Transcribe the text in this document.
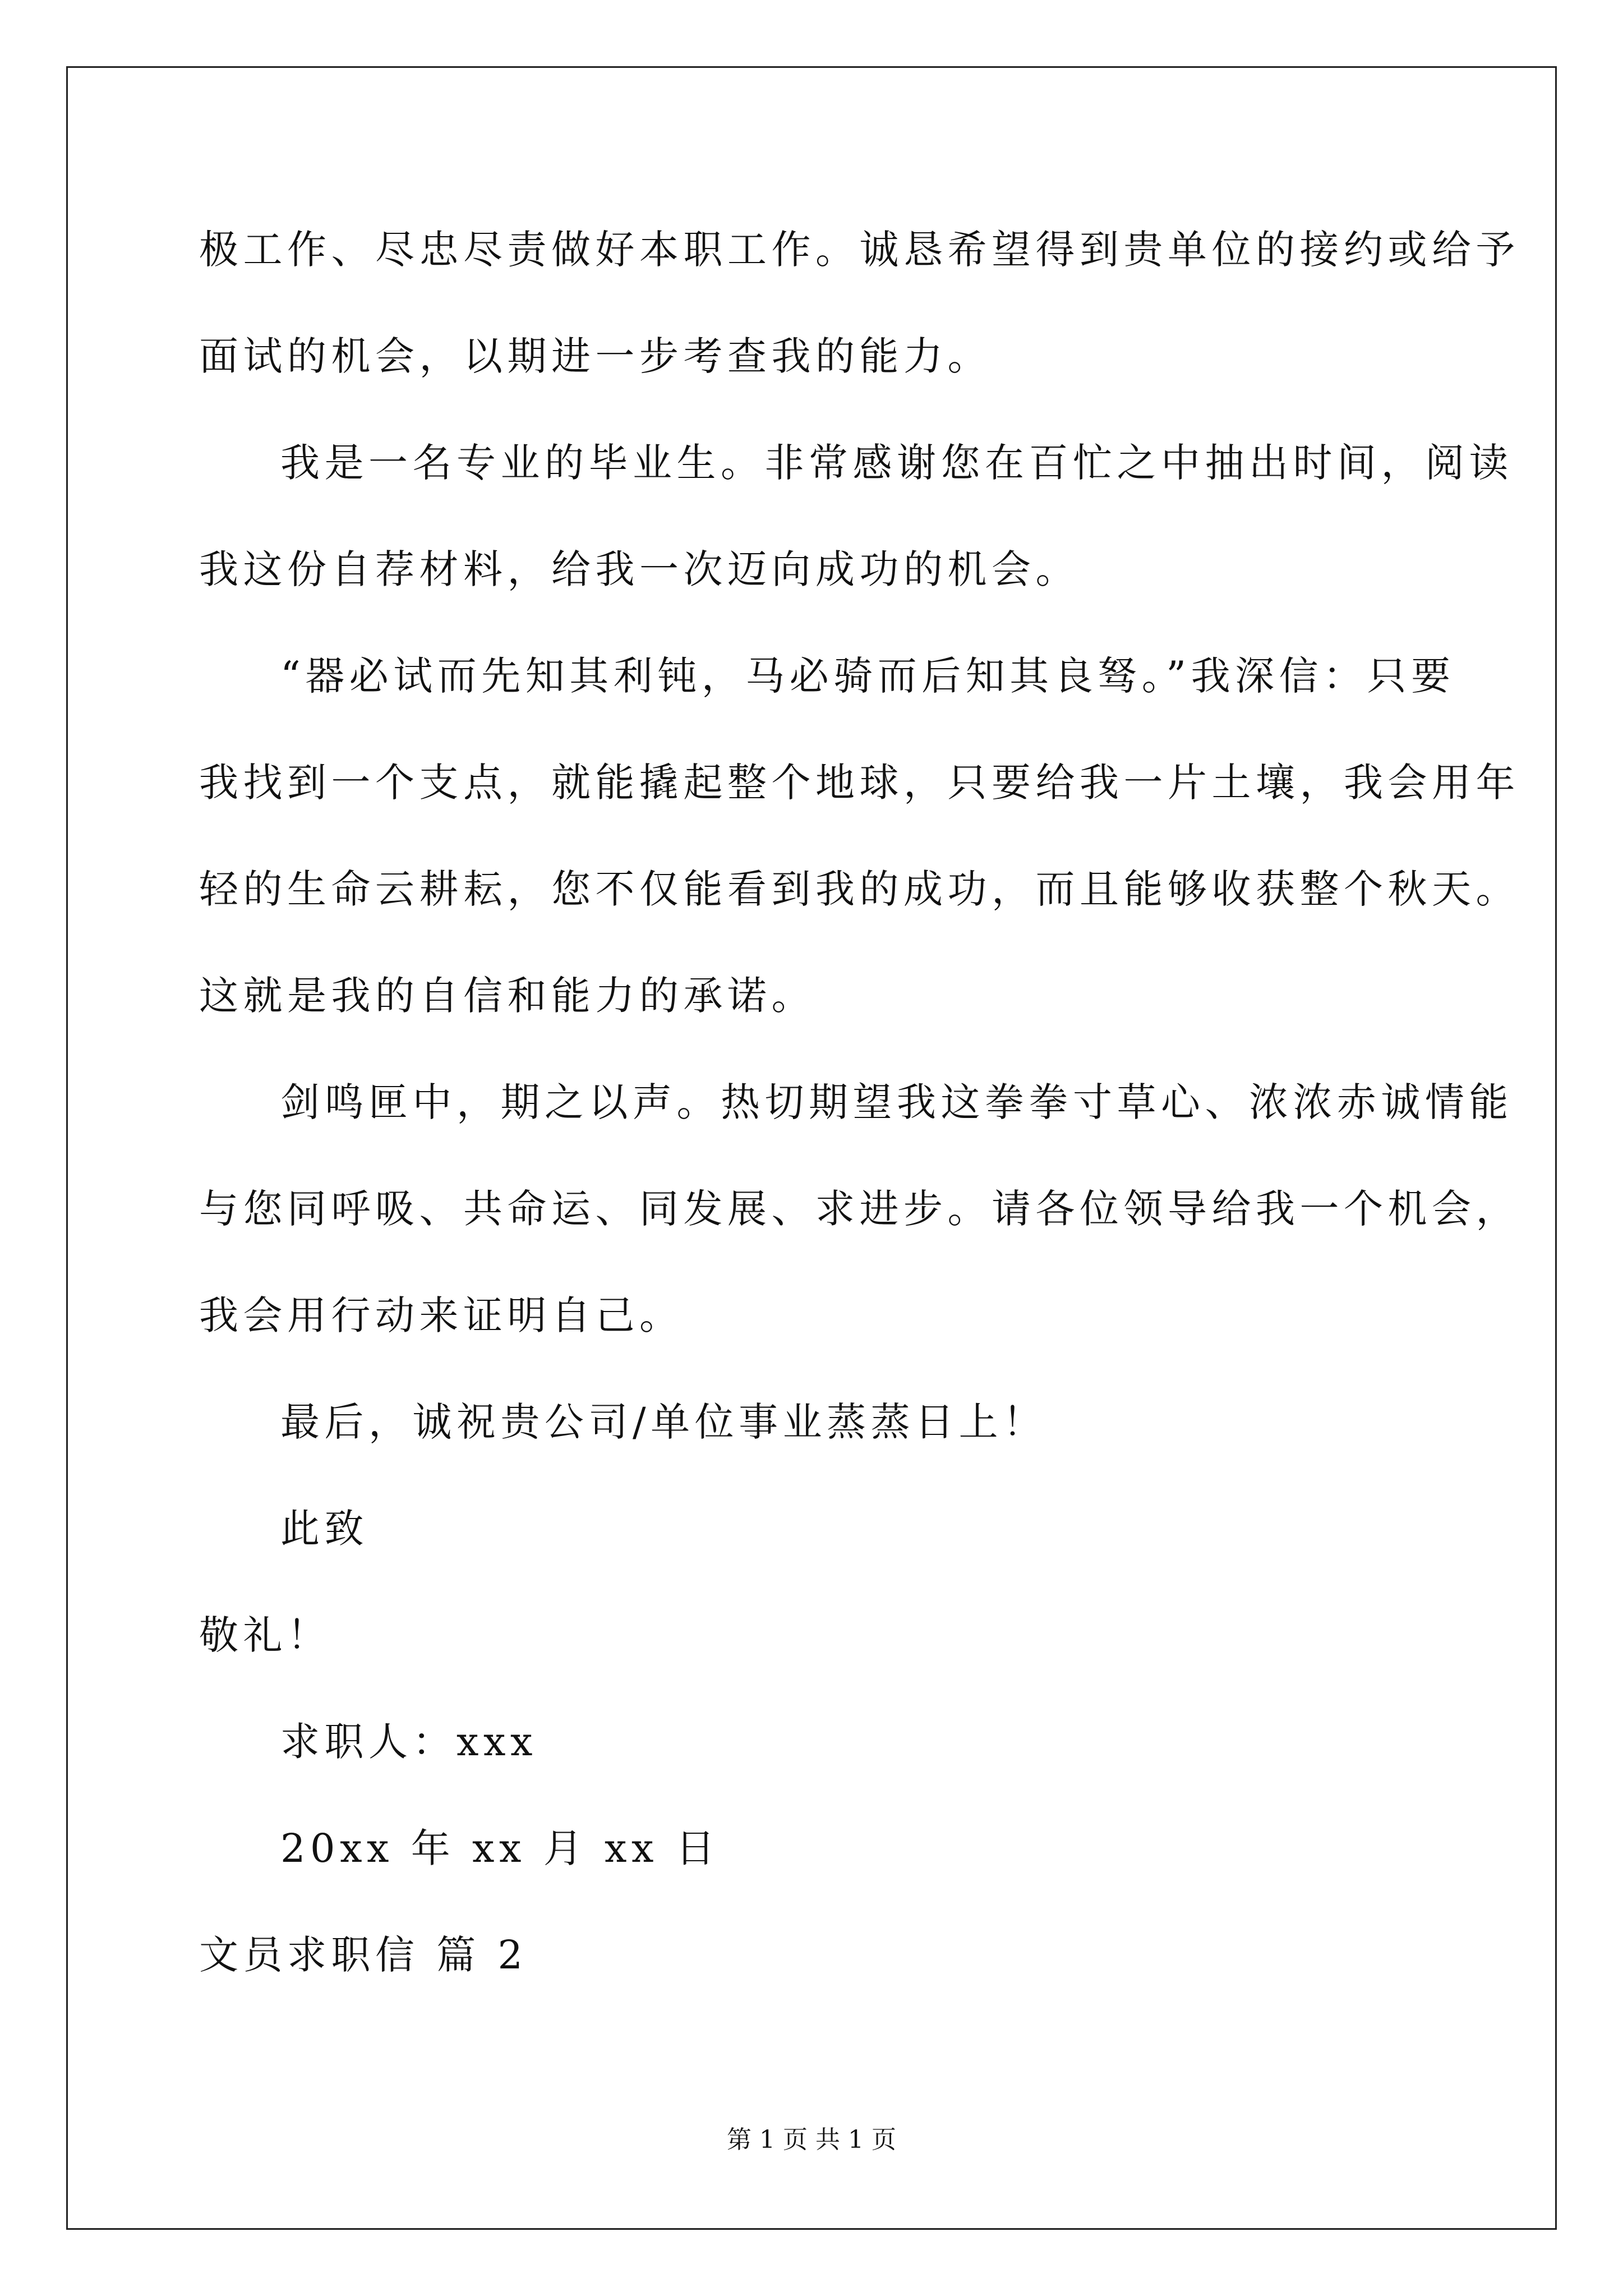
极工作、尽忠尽责做好本职工作。诚恳希望得到贵单位的接约或给予
面试的机会，以期进一步考查我的能力。
我是一名专业的毕业生。非常感谢您在百忙之中抽出时间，阅读
我这份自荐材料，给我一次迈向成功的机会。
“器必试而先知其利钝，马必骑而后知其良驽。”我深信：只要
我找到一个支点，就能撬起整个地球，只要给我一片土壤，我会用年
轻的生命云耕耘，您不仅能看到我的成功，而且能够收获整个秋天。
这就是我的自信和能力的承诺。
剑鸣匣中，期之以声。热切期望我这拳拳寸草心、浓浓赤诚情能
与您同呼吸、共命运、同发展、求进步。请各位领导给我一个机会，
我会用行动来证明自己。
最后，诚祝贵公司/单位事业蒸蒸日上！
此致
敬礼！
求职人：xxx
20xx 年 xx 月 xx 日
文员求职信 篇 2
第 1 页 共 1 页
